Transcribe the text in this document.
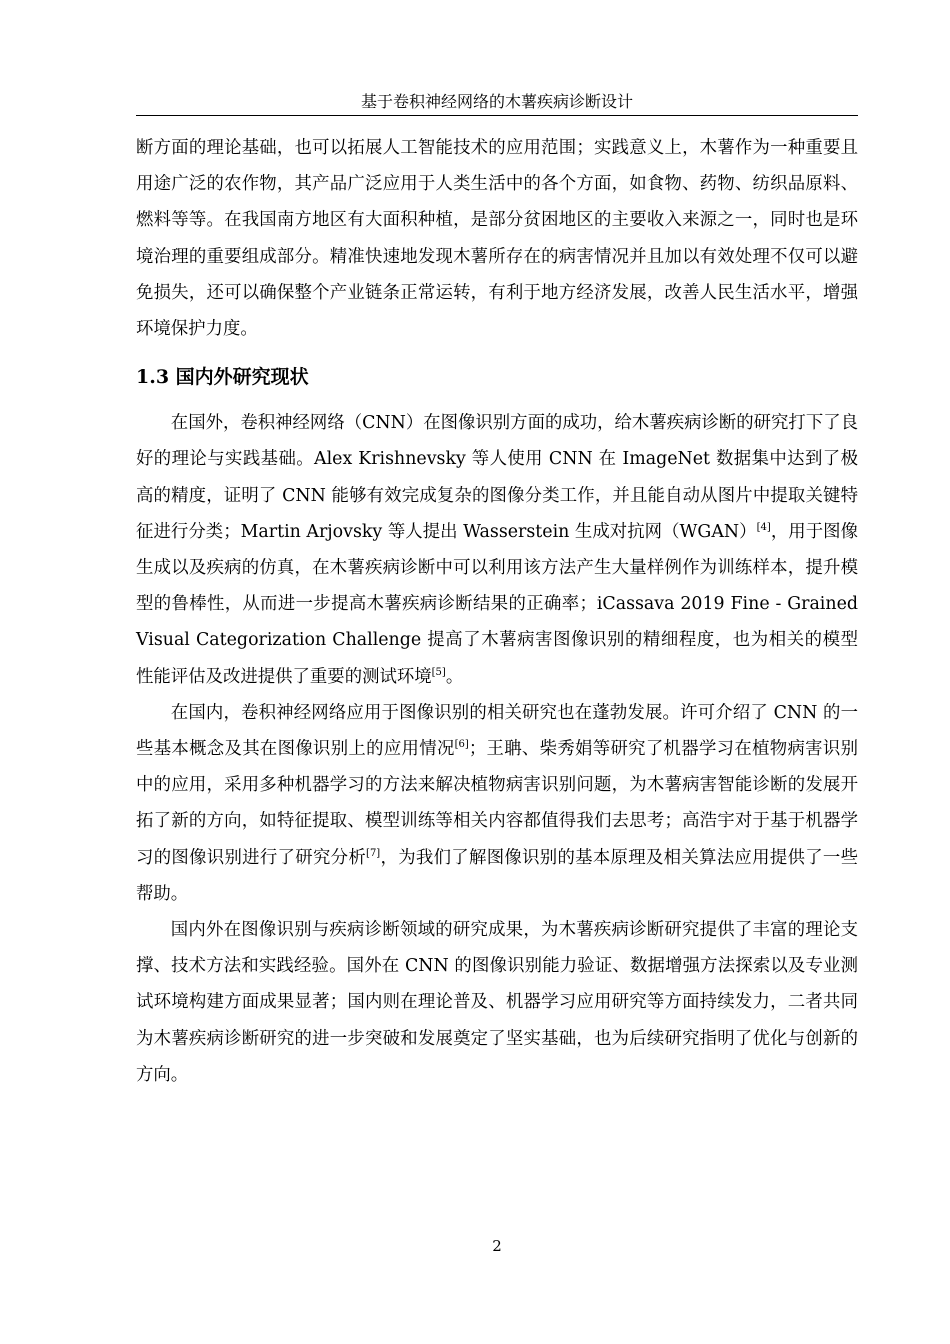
基于卷积神经网络的木薯疾病诊断设计

断方面的理论基础，也可以拓展人工智能技术的应用范围；实践意义上，木薯作为一种重要且用途广泛的农作物，其产品广泛应用于人类生活中的各个方面，如食物、药物、纺织品原料、燃料等等。在我国南方地区有大面积种植，是部分贫困地区的主要收入来源之一，同时也是环境治理的重要组成部分。精准快速地发现木薯所存在的病害情况并且加以有效处理不仅可以避免损失，还可以确保整个产业链条正常运转，有利于地方经济发展，改善人民生活水平，增强环境保护力度。

1.3 国内外研究现状

在国外，卷积神经网络（CNN）在图像识别方面的成功，给木薯疾病诊断的研究打下了良好的理论与实践基础。Alex Krishnevsky 等人使用 CNN 在 ImageNet 数据集中达到了极高的精度，证明了 CNN 能够有效完成复杂的图像分类工作，并且能自动从图片中提取关键特征进行分类；Martin Arjovsky 等人提出 Wasserstein 生成对抗网（WGAN）[4]，用于图像生成以及疾病的仿真，在木薯疾病诊断中可以利用该方法产生大量样例作为训练样本，提升模型的鲁棒性，从而进一步提高木薯疾病诊断结果的正确率；iCassava 2019 Fine - Grained Visual Categorization Challenge 提高了木薯病害图像识别的精细程度，也为相关的模型性能评估及改进提供了重要的测试环境[5]。

在国内，卷积神经网络应用于图像识别的相关研究也在蓬勃发展。许可介绍了 CNN 的一些基本概念及其在图像识别上的应用情况[6]；王聃、柴秀娟等研究了机器学习在植物病害识别中的应用，采用多种机器学习的方法来解决植物病害识别问题，为木薯病害智能诊断的发展开拓了新的方向，如特征提取、模型训练等相关内容都值得我们去思考；高浩宇对于基于机器学习的图像识别进行了研究分析[7]，为我们了解图像识别的基本原理及相关算法应用提供了一些帮助。

国内外在图像识别与疾病诊断领域的研究成果，为木薯疾病诊断研究提供了丰富的理论支撑、技术方法和实践经验。国外在 CNN 的图像识别能力验证、数据增强方法探索以及专业测试环境构建方面成果显著；国内则在理论普及、机器学习应用研究等方面持续发力，二者共同为木薯疾病诊断研究的进一步突破和发展奠定了坚实基础，也为后续研究指明了优化与创新的方向。

2
